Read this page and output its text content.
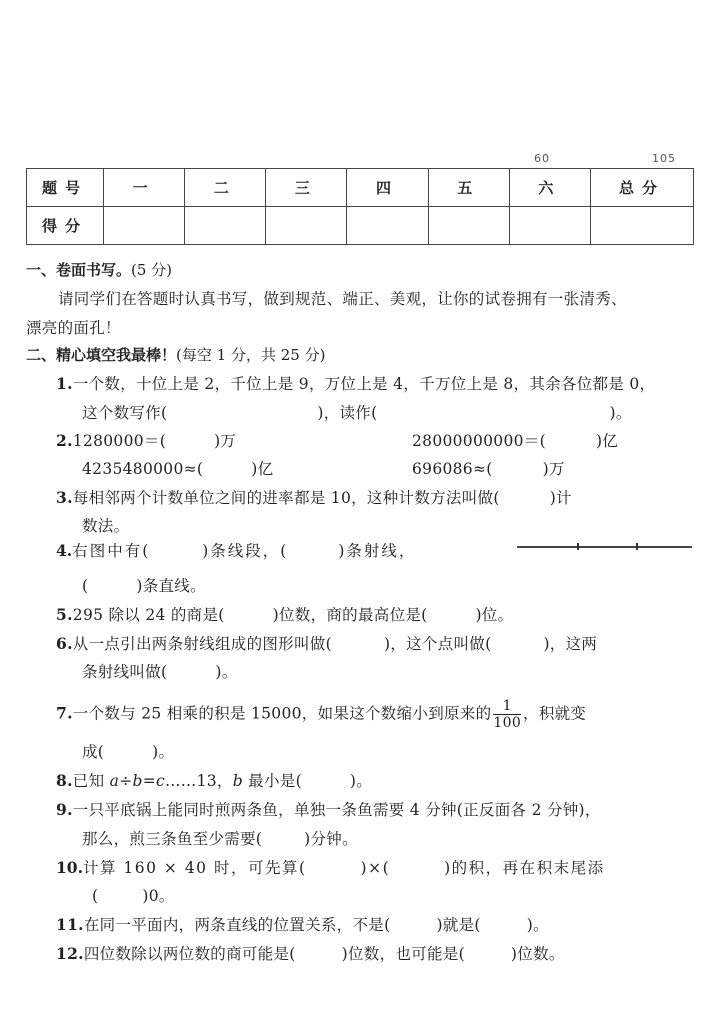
60	105
题号	一	二	三	四	五	六	总分
得分							
一、卷面书写。(5 分)
请同学们在答题时认真书写，做到规范、端正、美观，让你的试卷拥有一张清秀、
漂亮的面孔！
二、精心填空我最棒！(每空 1 分，共 25 分)
1.一个数，十位上是 2，千位上是 9，万位上是 4，千万位上是 8，其余各位都是 0，
这个数写作(	)，读作(	)。
2.1280000＝(	)万	28000000000＝(	)亿
4235480000≈(	)亿	696086≈(	)万
3.每相邻两个计数单位之间的进率都是 10，这种计数方法叫做(	)计
数法。
4.右图中有(	)条线段，(	)条射线，
(	)条直线。
5.295 除以 24 的商是(	)位数，商的最高位是(	)位。
6.从一点引出两条射线组成的图形叫做(	)，这个点叫做(	)，这两
条射线叫做(	)。
7.一个数与 25 相乘的积是 15000，如果这个数缩小到原来的 $\frac{1}{100}$ ，积就变
成(	)。
8.已知 a÷b=c……13，b 最小是(	)。
9.一只平底锅上能同时煎两条鱼，单独一条鱼需要 4 分钟(正反面各 2 分钟)，
那么，煎三条鱼至少需要(	)分钟。
10.计算 160 × 40 时，可先算(	)×(	)的积，再在积末尾添
(	)0。
11.在同一平面内，两条直线的位置关系，不是(	)就是(	)。
12.四位数除以两位数的商可能是(	)位数，也可能是(	)位数。
